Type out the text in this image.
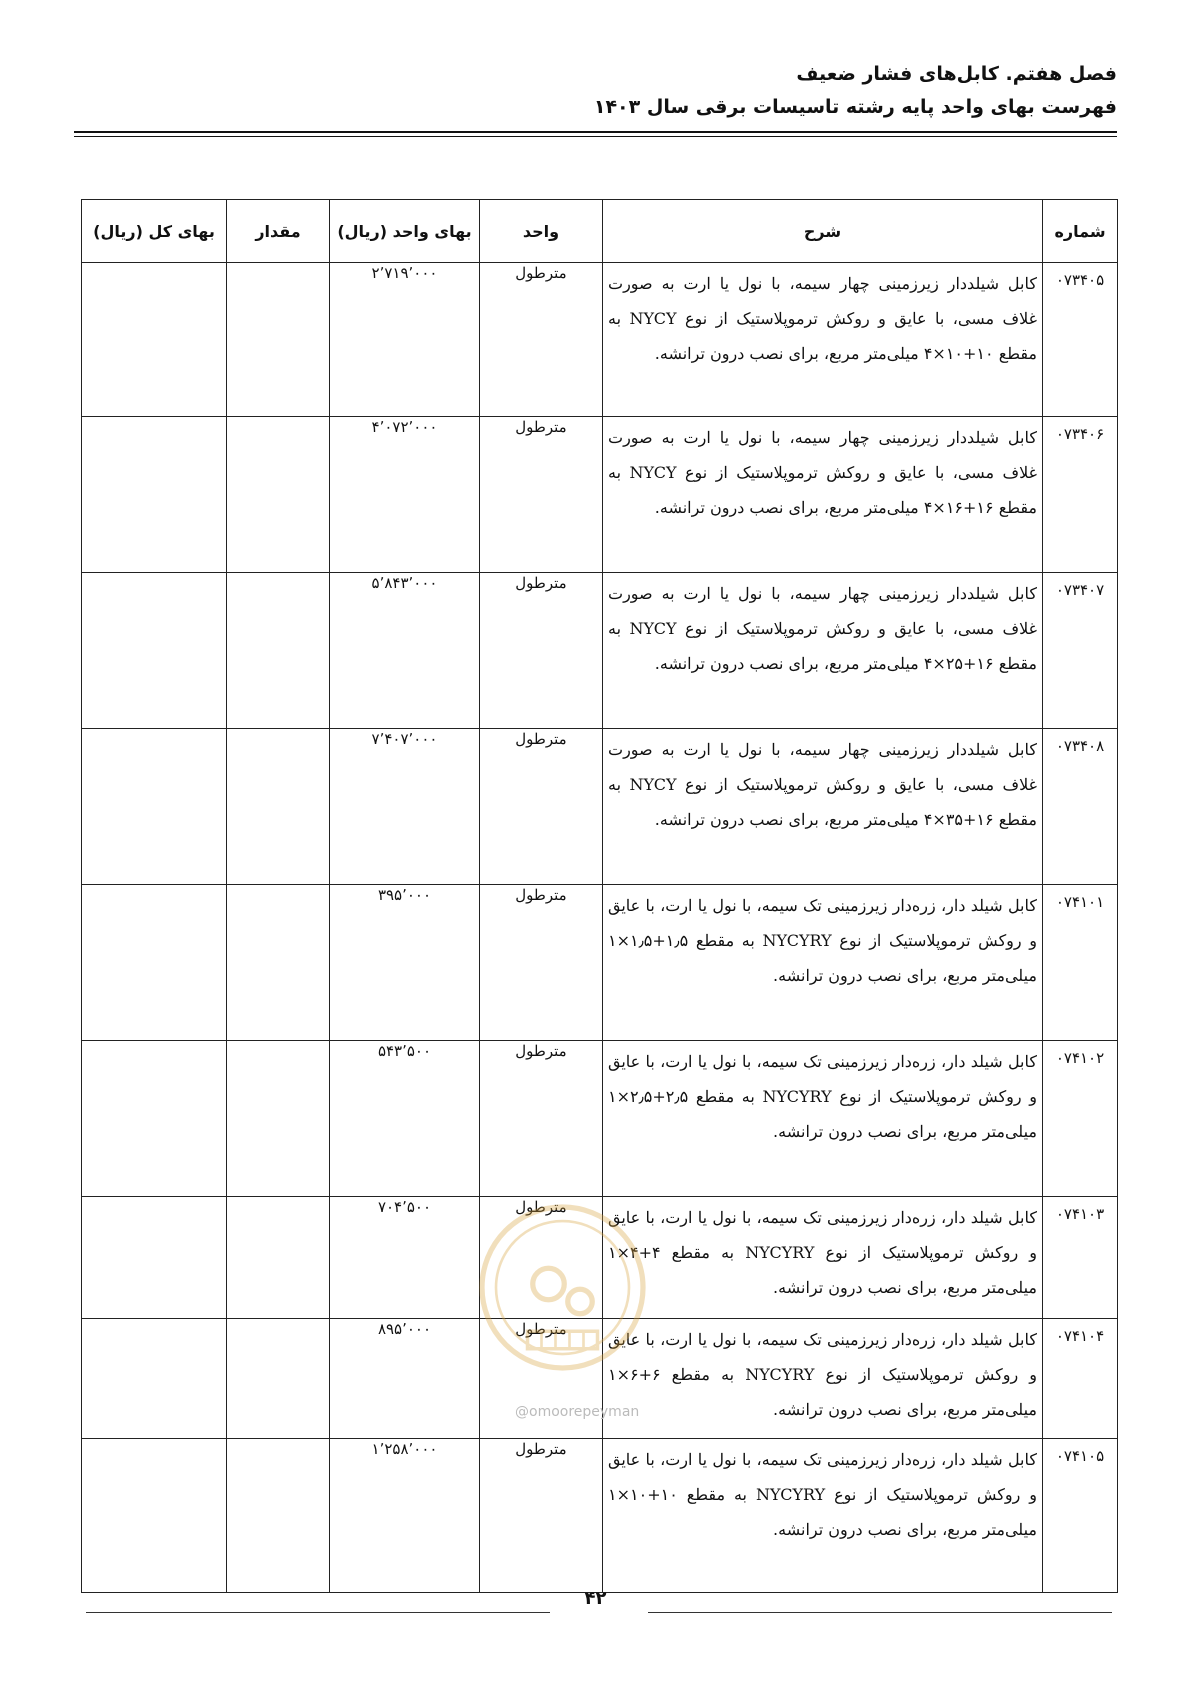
فصل هفتم. کابل‌های فشار ضعیف
فهرست بهای واحد پایه رشته تاسیسات برقی سال ۱۴۰۳
شماره	شرح	واحد	بهای واحد (ریال)	مقدار	بهای کل (ریال)
۰۷۳۴۰۵	کابل شیلددار زیرزمینی چهار سیمه، با نول یا ارت به صورت غلاف مسی، با عایق و روکش ترموپلاستیک از نوع NYCY به مقطع ۱۰+۱۰×۴ میلی‌متر مربع، برای نصب درون ترانشه.	مترطول	۲٬۷۱۹٬۰۰۰		
۰۷۳۴۰۶	کابل شیلددار زیرزمینی چهار سیمه، با نول یا ارت به صورت غلاف مسی، با عایق و روکش ترموپلاستیک از نوع NYCY به مقطع ۱۶+۱۶×۴ میلی‌متر مربع، برای نصب درون ترانشه.	مترطول	۴٬۰۷۲٬۰۰۰		
۰۷۳۴۰۷	کابل شیلددار زیرزمینی چهار سیمه، با نول یا ارت به صورت غلاف مسی، با عایق و روکش ترموپلاستیک از نوع NYCY به مقطع ۱۶+۲۵×۴ میلی‌متر مربع، برای نصب درون ترانشه.	مترطول	۵٬۸۴۳٬۰۰۰		
۰۷۳۴۰۸	کابل شیلددار زیرزمینی چهار سیمه، با نول یا ارت به صورت غلاف مسی، با عایق و روکش ترموپلاستیک از نوع NYCY به مقطع ۱۶+۳۵×۴ میلی‌متر مربع، برای نصب درون ترانشه.	مترطول	۷٬۴۰۷٬۰۰۰		
۰۷۴۱۰۱	کابل شیلد دار، زره‌دار زیرزمینی تک سیمه، با نول یا ارت، با عایق و روکش ترموپلاستیک از نوع NYCYRY به مقطع ۱٫۵+۱٫۵×۱ میلی‌متر مربع، برای نصب درون ترانشه.	مترطول	۳۹۵٬۰۰۰		
۰۷۴۱۰۲	کابل شیلد دار، زره‌دار زیرزمینی تک سیمه، با نول یا ارت، با عایق و روکش ترموپلاستیک از نوع NYCYRY به مقطع ۲٫۵+۲٫۵×۱ میلی‌متر مربع، برای نصب درون ترانشه.	مترطول	۵۴۳٬۵۰۰		
۰۷۴۱۰۳	کابل شیلد دار، زره‌دار زیرزمینی تک سیمه، با نول یا ارت، با عایق و روکش ترموپلاستیک از نوع NYCYRY به مقطع ۴+۴×۱ میلی‌متر مربع، برای نصب درون ترانشه.	مترطول	۷۰۴٬۵۰۰		
۰۷۴۱۰۴	کابل شیلد دار، زره‌دار زیرزمینی تک سیمه، با نول یا ارت، با عایق و روکش ترموپلاستیک از نوع NYCYRY به مقطع ۶+۶×۱ میلی‌متر مربع، برای نصب درون ترانشه.	مترطول	۸۹۵٬۰۰۰		
۰۷۴۱۰۵	کابل شیلد دار، زره‌دار زیرزمینی تک سیمه، با نول یا ارت، با عایق و روکش ترموپلاستیک از نوع NYCYRY به مقطع ۱۰+۱۰×۱ میلی‌متر مربع، برای نصب درون ترانشه.	مترطول	۱٬۲۵۸٬۰۰۰		
@omoorepeyman
۴۲
